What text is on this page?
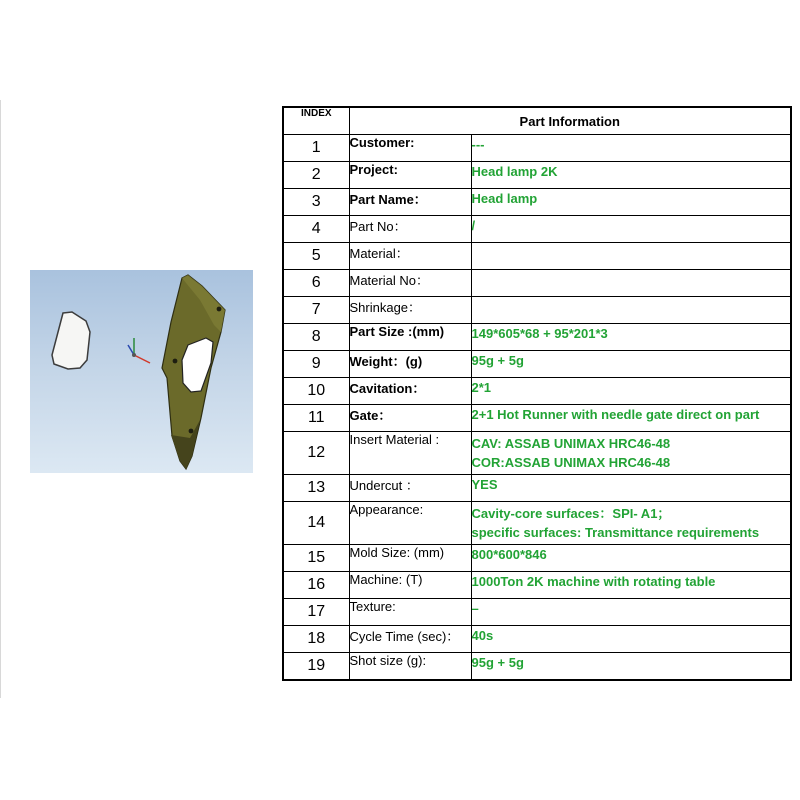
INDEX	Part Information	
1	Customer:	---

2	Project:	Head lamp 2K

3	Part Name：	Head lamp

4	Part No：	/

5	Material：	

6	Material No：	

7	Shrinkage：	

8	Part Size :(mm)	149*605*68 + 95*201*3

9	Weight：(g)	95g + 5g

10	Cavitation：	2*1

11	Gate：	2+1 Hot Runner with needle gate direct on part

12	Insert Material :	CAV: ASSAB UNIMAX HRC46-48
COR:ASSAB UNIMAX HRC46-48

13	Undercut ：	YES

14	Appearance:	Cavity-core surfaces：SPI- A1；
specific surfaces: Transmittance requirements

15	Mold Size: (mm)	800*600*846

16	Machine: (T)	1000Ton 2K machine with rotating table

17	Texture:	–

18	Cycle Time (sec)：	40s

19	Shot size (g):	95g + 5g
